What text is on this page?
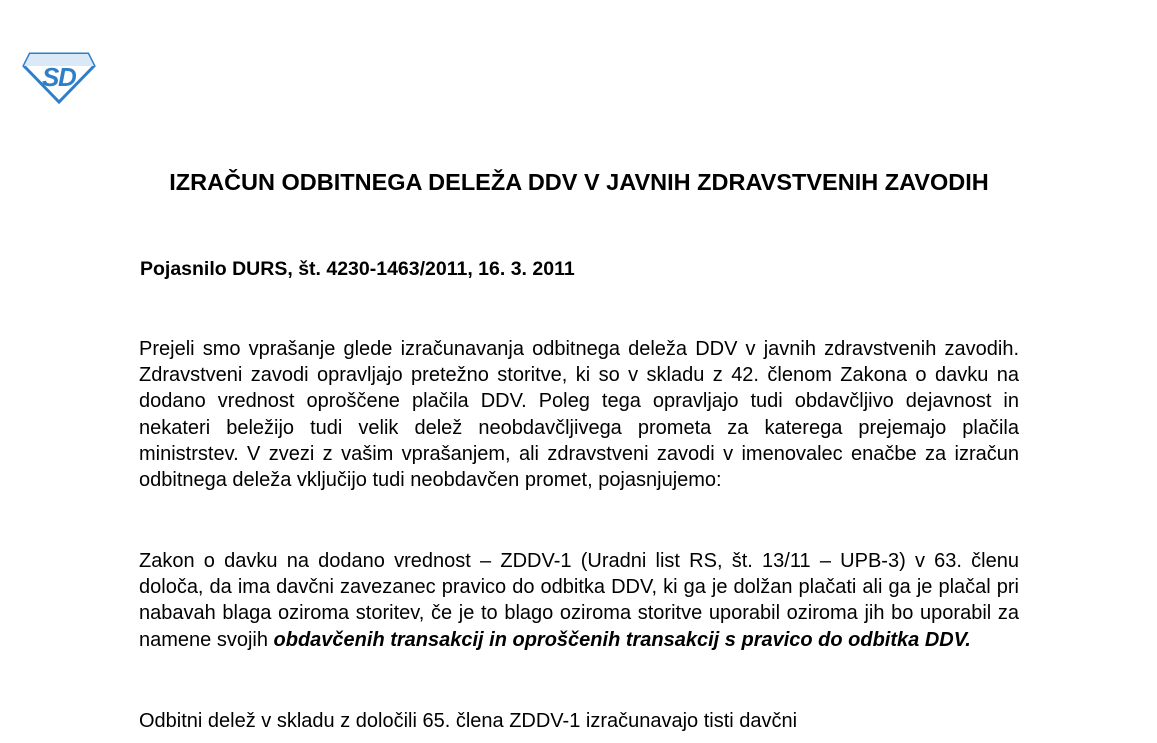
S
D
IZRAČUN ODBITNEGA DELEŽA DDV V JAVNIH ZDRAVSTVENIH ZAVODIH

Pojasnilo DURS, št. 4230-1463/2011, 16. 3. 2011

Prejeli smo vprašanje glede izračunavanja odbitnega deleža DDV v javnih zdravstvenih zavodih. Zdravstveni zavodi opravljajo pretežno storitve, ki so v skladu z 42. členom Zakona o davku na dodano vrednost oproščene plačila DDV. Poleg tega opravljajo tudi obdavčljivo dejavnost in nekateri beležijo tudi velik delež neobdavčljivega prometa za katerega prejemajo plačila ministrstev. V zvezi z vašim vprašanjem, ali zdravstveni zavodi v imenovalec enačbe za izračun odbitnega deleža vključijo tudi neobdavčen promet, pojasnjujemo:

Zakon o davku na dodano vrednost – ZDDV-1 (Uradni list RS, št. 13/11 – UPB-3) v 63. členu določa, da ima davčni zavezanec pravico do odbitka DDV, ki ga je dolžan plačati ali ga je plačal pri nabavah blaga oziroma storitev, če je to blago oziroma storitve uporabil oziroma jih bo uporabil za namene svojih obdavčenih transakcij in oproščenih transakcij s pravico do odbitka DDV.

Odbitni delež v skladu z določili 65. člena ZDDV-1 izračunavajo tisti davčni
